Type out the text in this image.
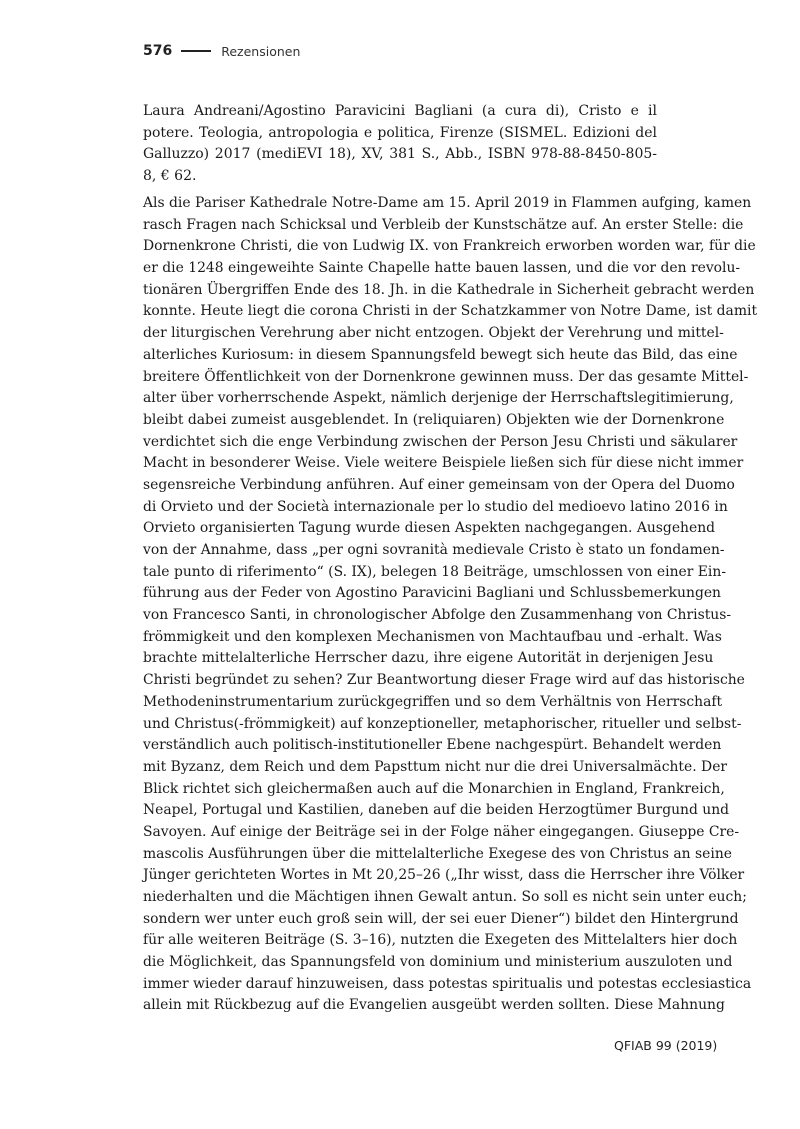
576	Rezensionen
Laura Andreani/Agostino Paravicini Bagliani (a cura di), Cristo e il potere. Teologia, antropologia e politica, Firenze (SISMEL. Edizioni del Galluzzo) 2017 (mediEVI 18), XV, 381 S., Abb., ISBN 978-88-8450-805-8, € 62.
Als die Pariser Kathedrale Notre-Dame am 15. April 2019 in Flammen aufging, kamen
rasch Fragen nach Schicksal und Verbleib der Kunstschätze auf. An erster Stelle: die
Dornenkrone Christi, die von Ludwig IX. von Frankreich erworben worden war, für die
er die 1248 eingeweihte Sainte Chapelle hatte bauen lassen, und die vor den revolu-
tionären Übergriffen Ende des 18. Jh. in die Kathedrale in Sicherheit gebracht werden
konnte. Heute liegt die corona Christi in der Schatzkammer von Notre Dame, ist damit
der liturgischen Verehrung aber nicht entzogen. Objekt der Verehrung und mittel-
alterliches Kuriosum: in diesem Spannungsfeld bewegt sich heute das Bild, das eine
breitere Öffentlichkeit von der Dornenkrone gewinnen muss. Der das gesamte Mittel-
alter über vorherrschende Aspekt, nämlich derjenige der Herrschaftslegitimierung,
bleibt dabei zumeist ausgeblendet. In (reliquiaren) Objekten wie der Dornenkrone
verdichtet sich die enge Verbindung zwischen der Person Jesu Christi und säkularer
Macht in besonderer Weise. Viele weitere Beispiele ließen sich für diese nicht immer
segensreiche Verbindung anführen. Auf einer gemeinsam von der Opera del Duomo
di Orvieto und der Società internazionale per lo studio del medioevo latino 2016 in
Orvieto organisierten Tagung wurde diesen Aspekten nachgegangen. Ausgehend
von der Annahme, dass „per ogni sovranità medievale Cristo è stato un fondamen-
tale punto di riferimento“ (S. IX), belegen 18 Beiträge, umschlossen von einer Ein-
führung aus der Feder von Agostino Paravicini Bagliani und Schlussbemerkungen
von Francesco Santi, in chronologischer Abfolge den Zusammenhang von Christus-
frömmigkeit und den komplexen Mechanismen von Machtaufbau und -erhalt. Was
brachte mittelalterliche Herrscher dazu, ihre eigene Autorität in derjenigen Jesu
Christi begründet zu sehen? Zur Beantwortung dieser Frage wird auf das historische
Methodeninstrumentarium zurückgegriffen und so dem Verhältnis von Herrschaft
und Christus(-frömmigkeit) auf konzeptioneller, metaphorischer, ritueller und selbst-
verständlich auch politisch-institutioneller Ebene nachgespürt. Behandelt werden
mit Byzanz, dem Reich und dem Papsttum nicht nur die drei Universalmächte. Der
Blick richtet sich gleichermaßen auch auf die Monarchien in England, Frankreich,
Neapel, Portugal und Kastilien, daneben auf die beiden Herzogtümer Burgund und
Savoyen. Auf einige der Beiträge sei in der Folge näher eingegangen. Giuseppe Cre-
mascolis Ausführungen über die mittelalterliche Exegese des von Christus an seine
Jünger gerichteten Wortes in Mt 20,25–26 („Ihr wisst, dass die Herrscher ihre Völker
niederhalten und die Mächtigen ihnen Gewalt antun. So soll es nicht sein unter euch;
sondern wer unter euch groß sein will, der sei euer Diener“) bildet den Hintergrund
für alle weiteren Beiträge (S. 3–16), nutzten die Exegeten des Mittelalters hier doch
die Möglichkeit, das Spannungsfeld von dominium und ministerium auszuloten und
immer wieder darauf hinzuweisen, dass potestas spiritualis und potestas ecclesiastica
allein mit Rückbezug auf die Evangelien ausgeübt werden sollten. Diese Mahnung
QFIAB 99 (2019)
